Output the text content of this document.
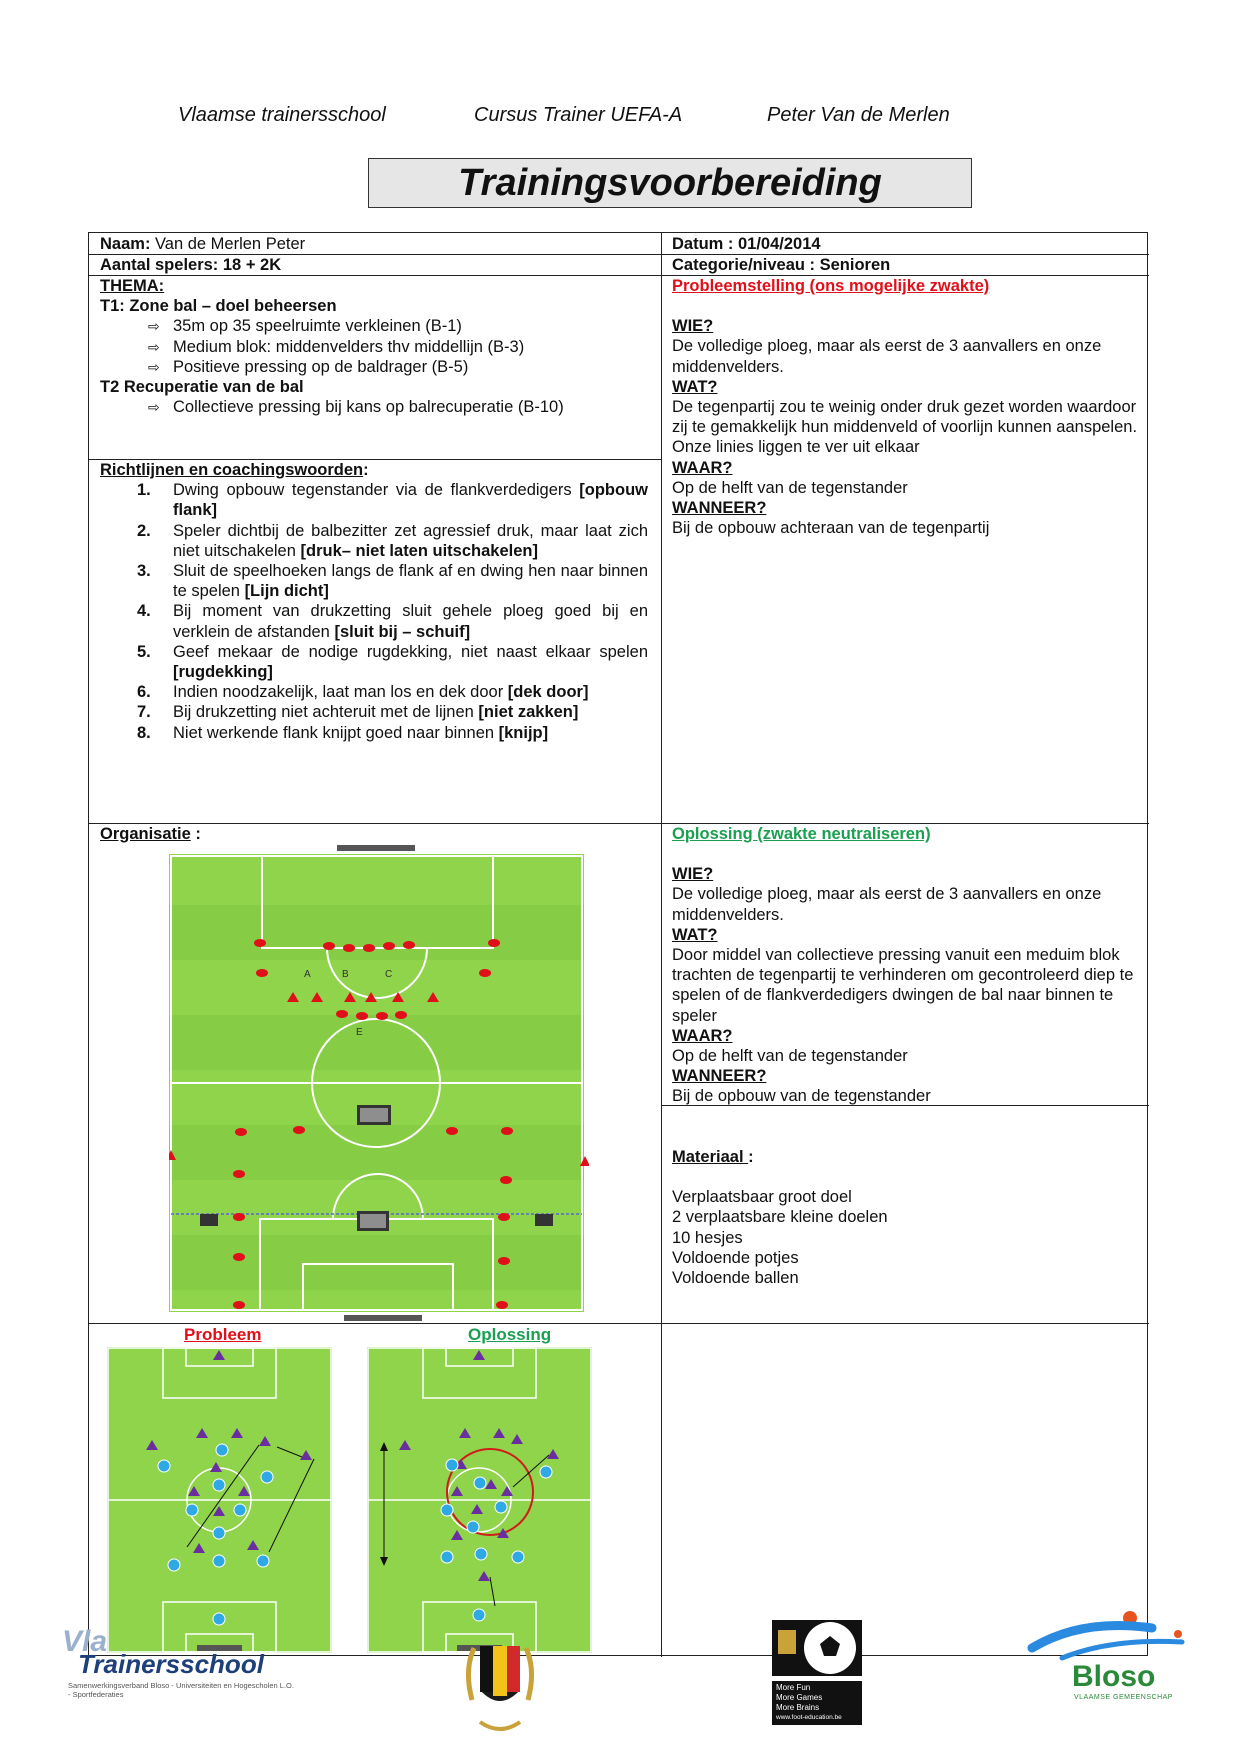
Vlaamse trainersschool	Cursus Trainer UEFA-A	Peter Van de Merlen
Trainingsvoorbereiding
Naam: Van de Merlen Peter	Datum : 01/04/2014
Aantal spelers: 18 + 2K	Categorie/niveau : Senioren
THEMA:
T1: Zone bal – doel beheersen
⇨ 35m op 35 speelruimte verkleinen (B-1)
⇨ Medium blok: middenvelders thv middellijn (B-3)
⇨ Positieve pressing op de baldrager (B-5)
T2 Recuperatie van de bal
⇨ Collectieve pressing bij kans op balrecuperatie (B-10)
Richtlijnen en coachingswoorden:
1. Dwing opbouw tegenstander via de flankverdedigers [opbouw flank]
2. Speler dichtbij de balbezitter zet agressief druk, maar laat zich niet uitschakelen [druk– niet laten uitschakelen]
3. Sluit de speelhoeken langs de flank af en dwing hen naar binnen te spelen [Lijn dicht]
4. Bij moment van drukzetting sluit gehele ploeg goed bij en verklein de afstanden [sluit bij – schuif]
5. Geef mekaar de nodige rugdekking, niet naast elkaar spelen [rugdekking]
6. Indien noodzakelijk, laat man los en dek door [dek door]
7. Bij drukzetting niet achteruit met de lijnen [niet zakken]
8. Niet werkende flank knijpt goed naar binnen [knijp]
Probleemstelling (ons mogelijke zwakte)
WIE?
De volledige ploeg, maar als eerst de 3 aanvallers en onze middenvelders.
WAT?
De tegenpartij zou te weinig onder druk gezet worden waardoor zij te gemakkelijk hun middenveld of voorlijn kunnen aanspelen.
Onze linies liggen te ver uit elkaar
WAAR?
Op de helft van de tegenstander
WANNEER?
Bij de opbouw achteraan van de tegenpartij
Organisatie :
A	B	C
E
Oplossing (zwakte neutraliseren)
WIE?
De volledige ploeg, maar als eerst de 3 aanvallers en onze middenvelders.
WAT?
Door middel van collectieve pressing vanuit een meduim blok trachten de tegenpartij te verhinderen om gecontroleerd diep te spelen of de flankverdedigers dwingen de bal naar binnen te speler
WAAR?
Op de helft van de tegenstander
WANNEER?
Bij de opbouw van de tegenstander
Materiaal :
Verplaatsbaar groot doel
2 verplaatsbare kleine doelen
10 hesjes
Voldoende potjes
Voldoende ballen
Probleem	Oplossing
Vla
Trainersschool
Samenwerkingsverband Bloso - Universiteiten en Hogescholen L.O. - Sportfederaties
More Fun
More Games
More Brains
www.foot-education.be
Bloso
VLAAMSE GEMEENSCHAP
